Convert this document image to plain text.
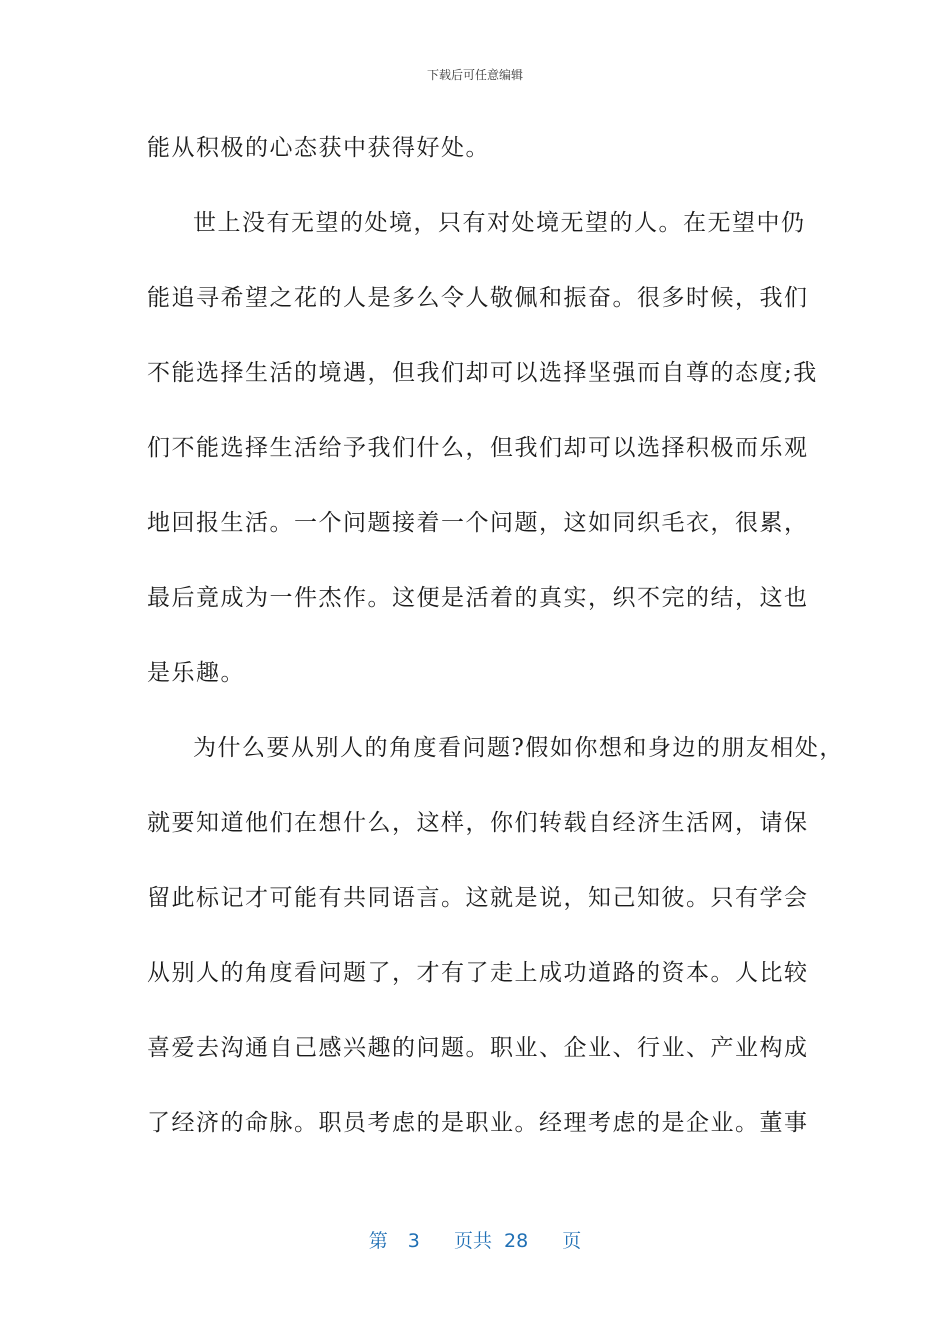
下载后可任意编辑
能从积极的心态获中获得好处。
世上没有无望的处境，只有对处境无望的人。在无望中仍
能追寻希望之花的人是多么令人敬佩和振奋。很多时候，我们
不能选择生活的境遇，但我们却可以选择坚强而自尊的态度;我
们不能选择生活给予我们什么，但我们却可以选择积极而乐观
地回报生活。一个问题接着一个问题，这如同织毛衣，很累，
最后竟成为一件杰作。这便是活着的真实，织不完的结，这也
是乐趣。
为什么要从别人的角度看问题?假如你想和身边的朋友相处，
就要知道他们在想什么，这样，你们转载自经济生活网，请保
留此标记才可能有共同语言。这就是说，知己知彼。只有学会
从别人的角度看问题了，才有了走上成功道路的资本。人比较
喜爱去沟通自己感兴趣的问题。职业、企业、行业、产业构成
了经济的命脉。职员考虑的是职业。经理考虑的是企业。董事
第 3 页共 28 页
